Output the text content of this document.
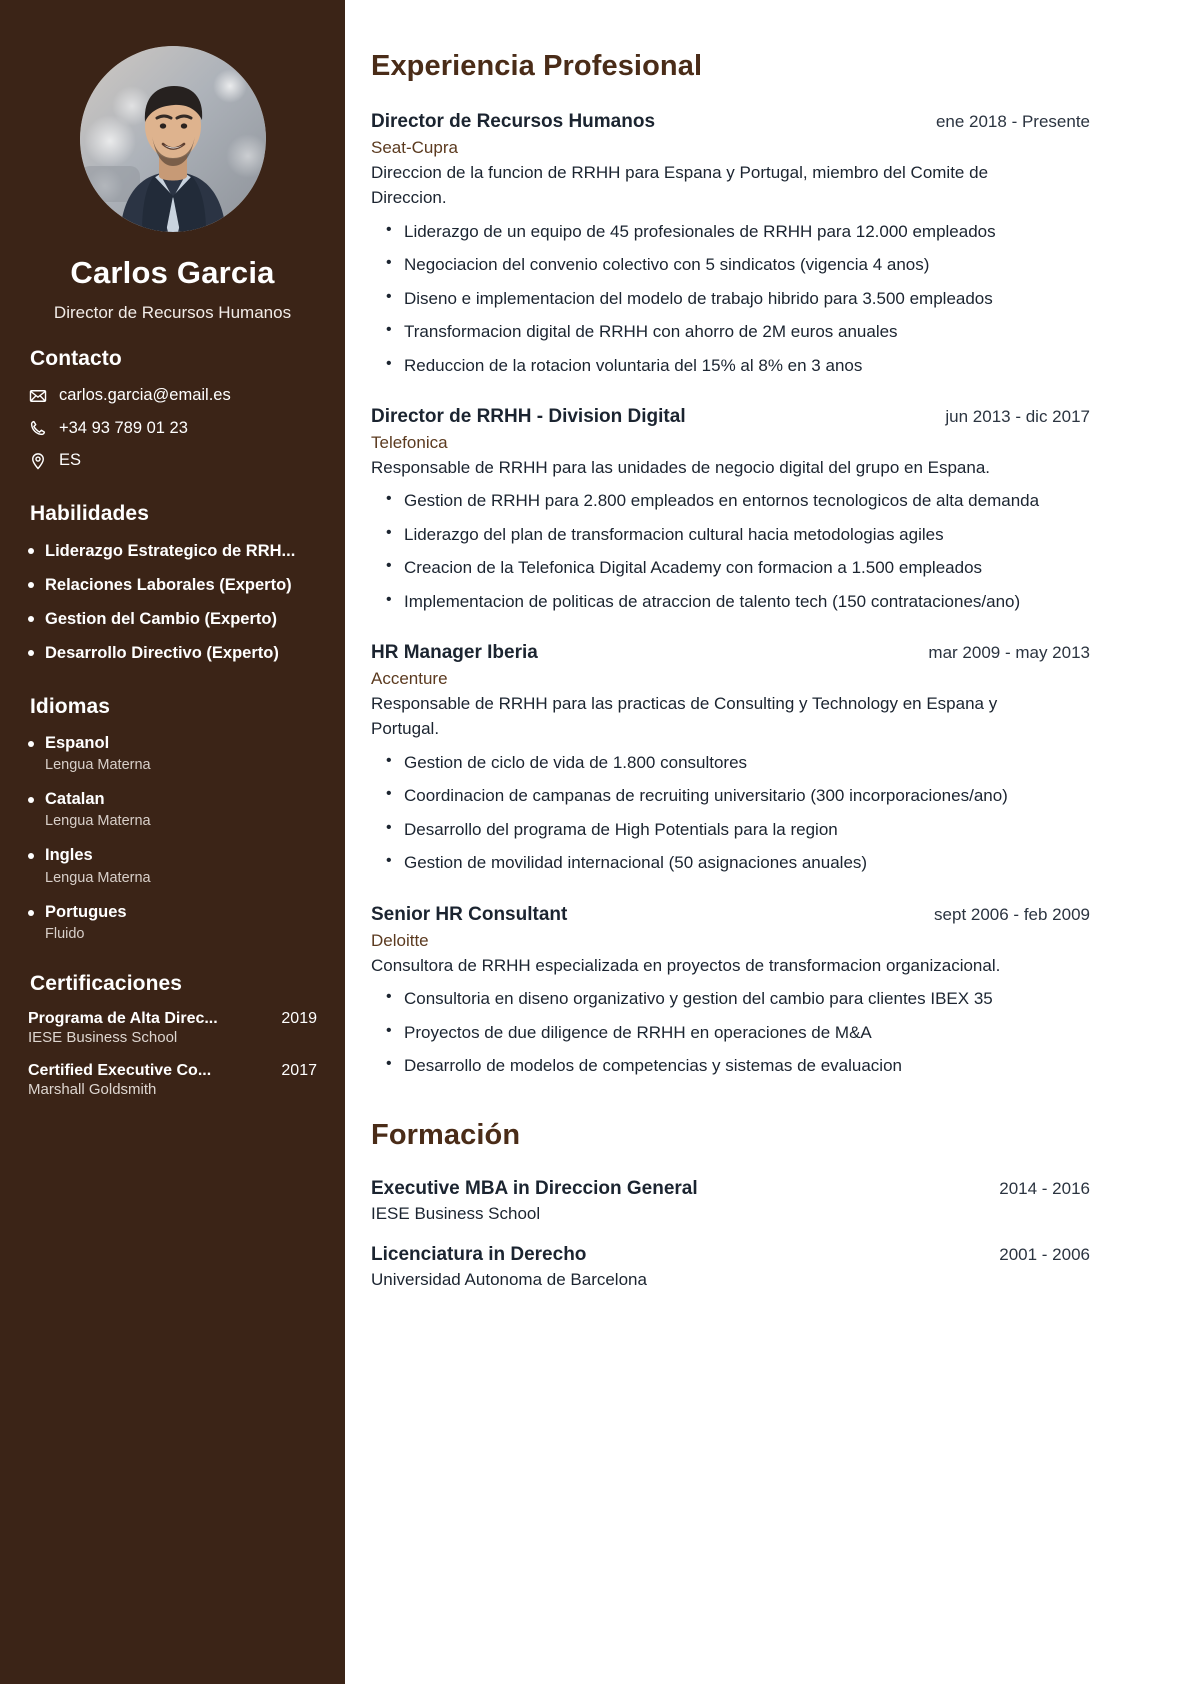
Carlos Garcia
Director de Recursos Humanos
Contacto
carlos.garcia@email.es
+34 93 789 01 23
ES
Habilidades
Liderazgo Estrategico de RRH...
Relaciones Laborales (Experto)
Gestion del Cambio (Experto)
Desarrollo Directivo (Experto)
Idiomas
Espanol
Lengua Materna
Catalan
Lengua Materna
Ingles
Lengua Materna
Portugues
Fluido
Certificaciones
Programa de Alta Direc...	2019
IESE Business School
Certified Executive Co...	2017
Marshall Goldsmith
Experiencia Profesional
Director de Recursos Humanos	ene 2018 - Presente
Seat-Cupra
Direccion de la funcion de RRHH para Espana y Portugal, miembro del Comite de Direccion.
• Liderazgo de un equipo de 45 profesionales de RRHH para 12.000 empleados
• Negociacion del convenio colectivo con 5 sindicatos (vigencia 4 anos)
• Diseno e implementacion del modelo de trabajo hibrido para 3.500 empleados
• Transformacion digital de RRHH con ahorro de 2M euros anuales
• Reduccion de la rotacion voluntaria del 15% al 8% en 3 anos
Director de RRHH - Division Digital	jun 2013 - dic 2017
Telefonica
Responsable de RRHH para las unidades de negocio digital del grupo en Espana.
• Gestion de RRHH para 2.800 empleados en entornos tecnologicos de alta demanda
• Liderazgo del plan de transformacion cultural hacia metodologias agiles
• Creacion de la Telefonica Digital Academy con formacion a 1.500 empleados
• Implementacion de politicas de atraccion de talento tech (150 contrataciones/ano)
HR Manager Iberia	mar 2009 - may 2013
Accenture
Responsable de RRHH para las practicas de Consulting y Technology en Espana y Portugal.
• Gestion de ciclo de vida de 1.800 consultores
• Coordinacion de campanas de recruiting universitario (300 incorporaciones/ano)
• Desarrollo del programa de High Potentials para la region
• Gestion de movilidad internacional (50 asignaciones anuales)
Senior HR Consultant	sept 2006 - feb 2009
Deloitte
Consultora de RRHH especializada en proyectos de transformacion organizacional.
• Consultoria en diseno organizativo y gestion del cambio para clientes IBEX 35
• Proyectos de due diligence de RRHH en operaciones de M&A
• Desarrollo de modelos de competencias y sistemas de evaluacion
Formación
Executive MBA in Direccion General	2014 - 2016
IESE Business School
Licenciatura in Derecho	2001 - 2006
Universidad Autonoma de Barcelona
